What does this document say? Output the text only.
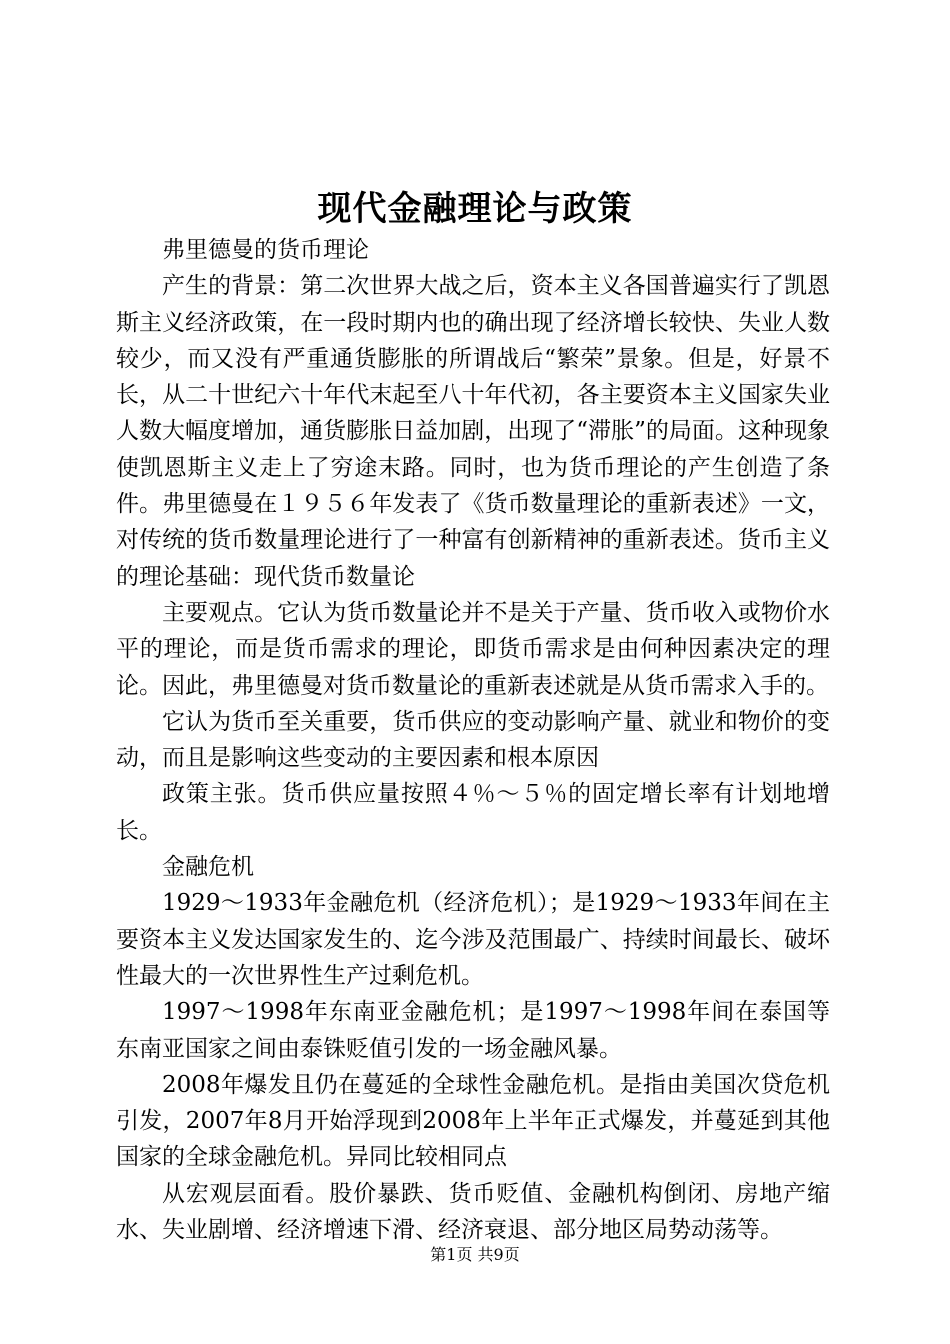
现代金融理论与政策

弗里德曼的货币理论

产生的背景：第二次世界大战之后，资本主义各国普遍实行了凯恩斯主义经济政策，在一段时期内也的确出现了经济增长较快、失业人数较少，而又没有严重通货膨胀的所谓战后“繁荣”景象。但是，好景不长，从二十世纪六十年代末起至八十年代初，各主要资本主义国家失业人数大幅度增加，通货膨胀日益加剧，出现了“滞胀”的局面。这种现象使凯恩斯主义走上了穷途末路。同时，也为货币理论的产生创造了条件。弗里德曼在１９５６年发表了《货币数量理论的重新表述》一文，对传统的货币数量理论进行了一种富有创新精神的重新表述。货币主义的理论基础：现代货币数量论

主要观点。它认为货币数量论并不是关于产量、货币收入或物价水平的理论，而是货币需求的理论，即货币需求是由何种因素决定的理论。因此，弗里德曼对货币数量论的重新表述就是从货币需求入手的。

它认为货币至关重要，货币供应的变动影响产量、就业和物价的变动，而且是影响这些变动的主要因素和根本原因

政策主张。货币供应量按照４％～５％的固定增长率有计划地增长。

金融危机

1929～1933年金融危机（经济危机）；是1929～1933年间在主要资本主义发达国家发生的、迄今涉及范围最广、持续时间最长、破坏性最大的一次世界性生产过剩危机。

1997～1998年东南亚金融危机；是1997～1998年间在泰国等东南亚国家之间由泰铢贬值引发的一场金融风暴。

2008年爆发且仍在蔓延的全球性金融危机。是指由美国次贷危机引发，2007年8月开始浮现到2008年上半年正式爆发，并蔓延到其他国家的全球金融危机。异同比较相同点

从宏观层面看。股价暴跌、货币贬值、金融机构倒闭、房地产缩水、失业剧增、经济增速下滑、经济衰退、部分地区局势动荡等。

第1页 共9页
